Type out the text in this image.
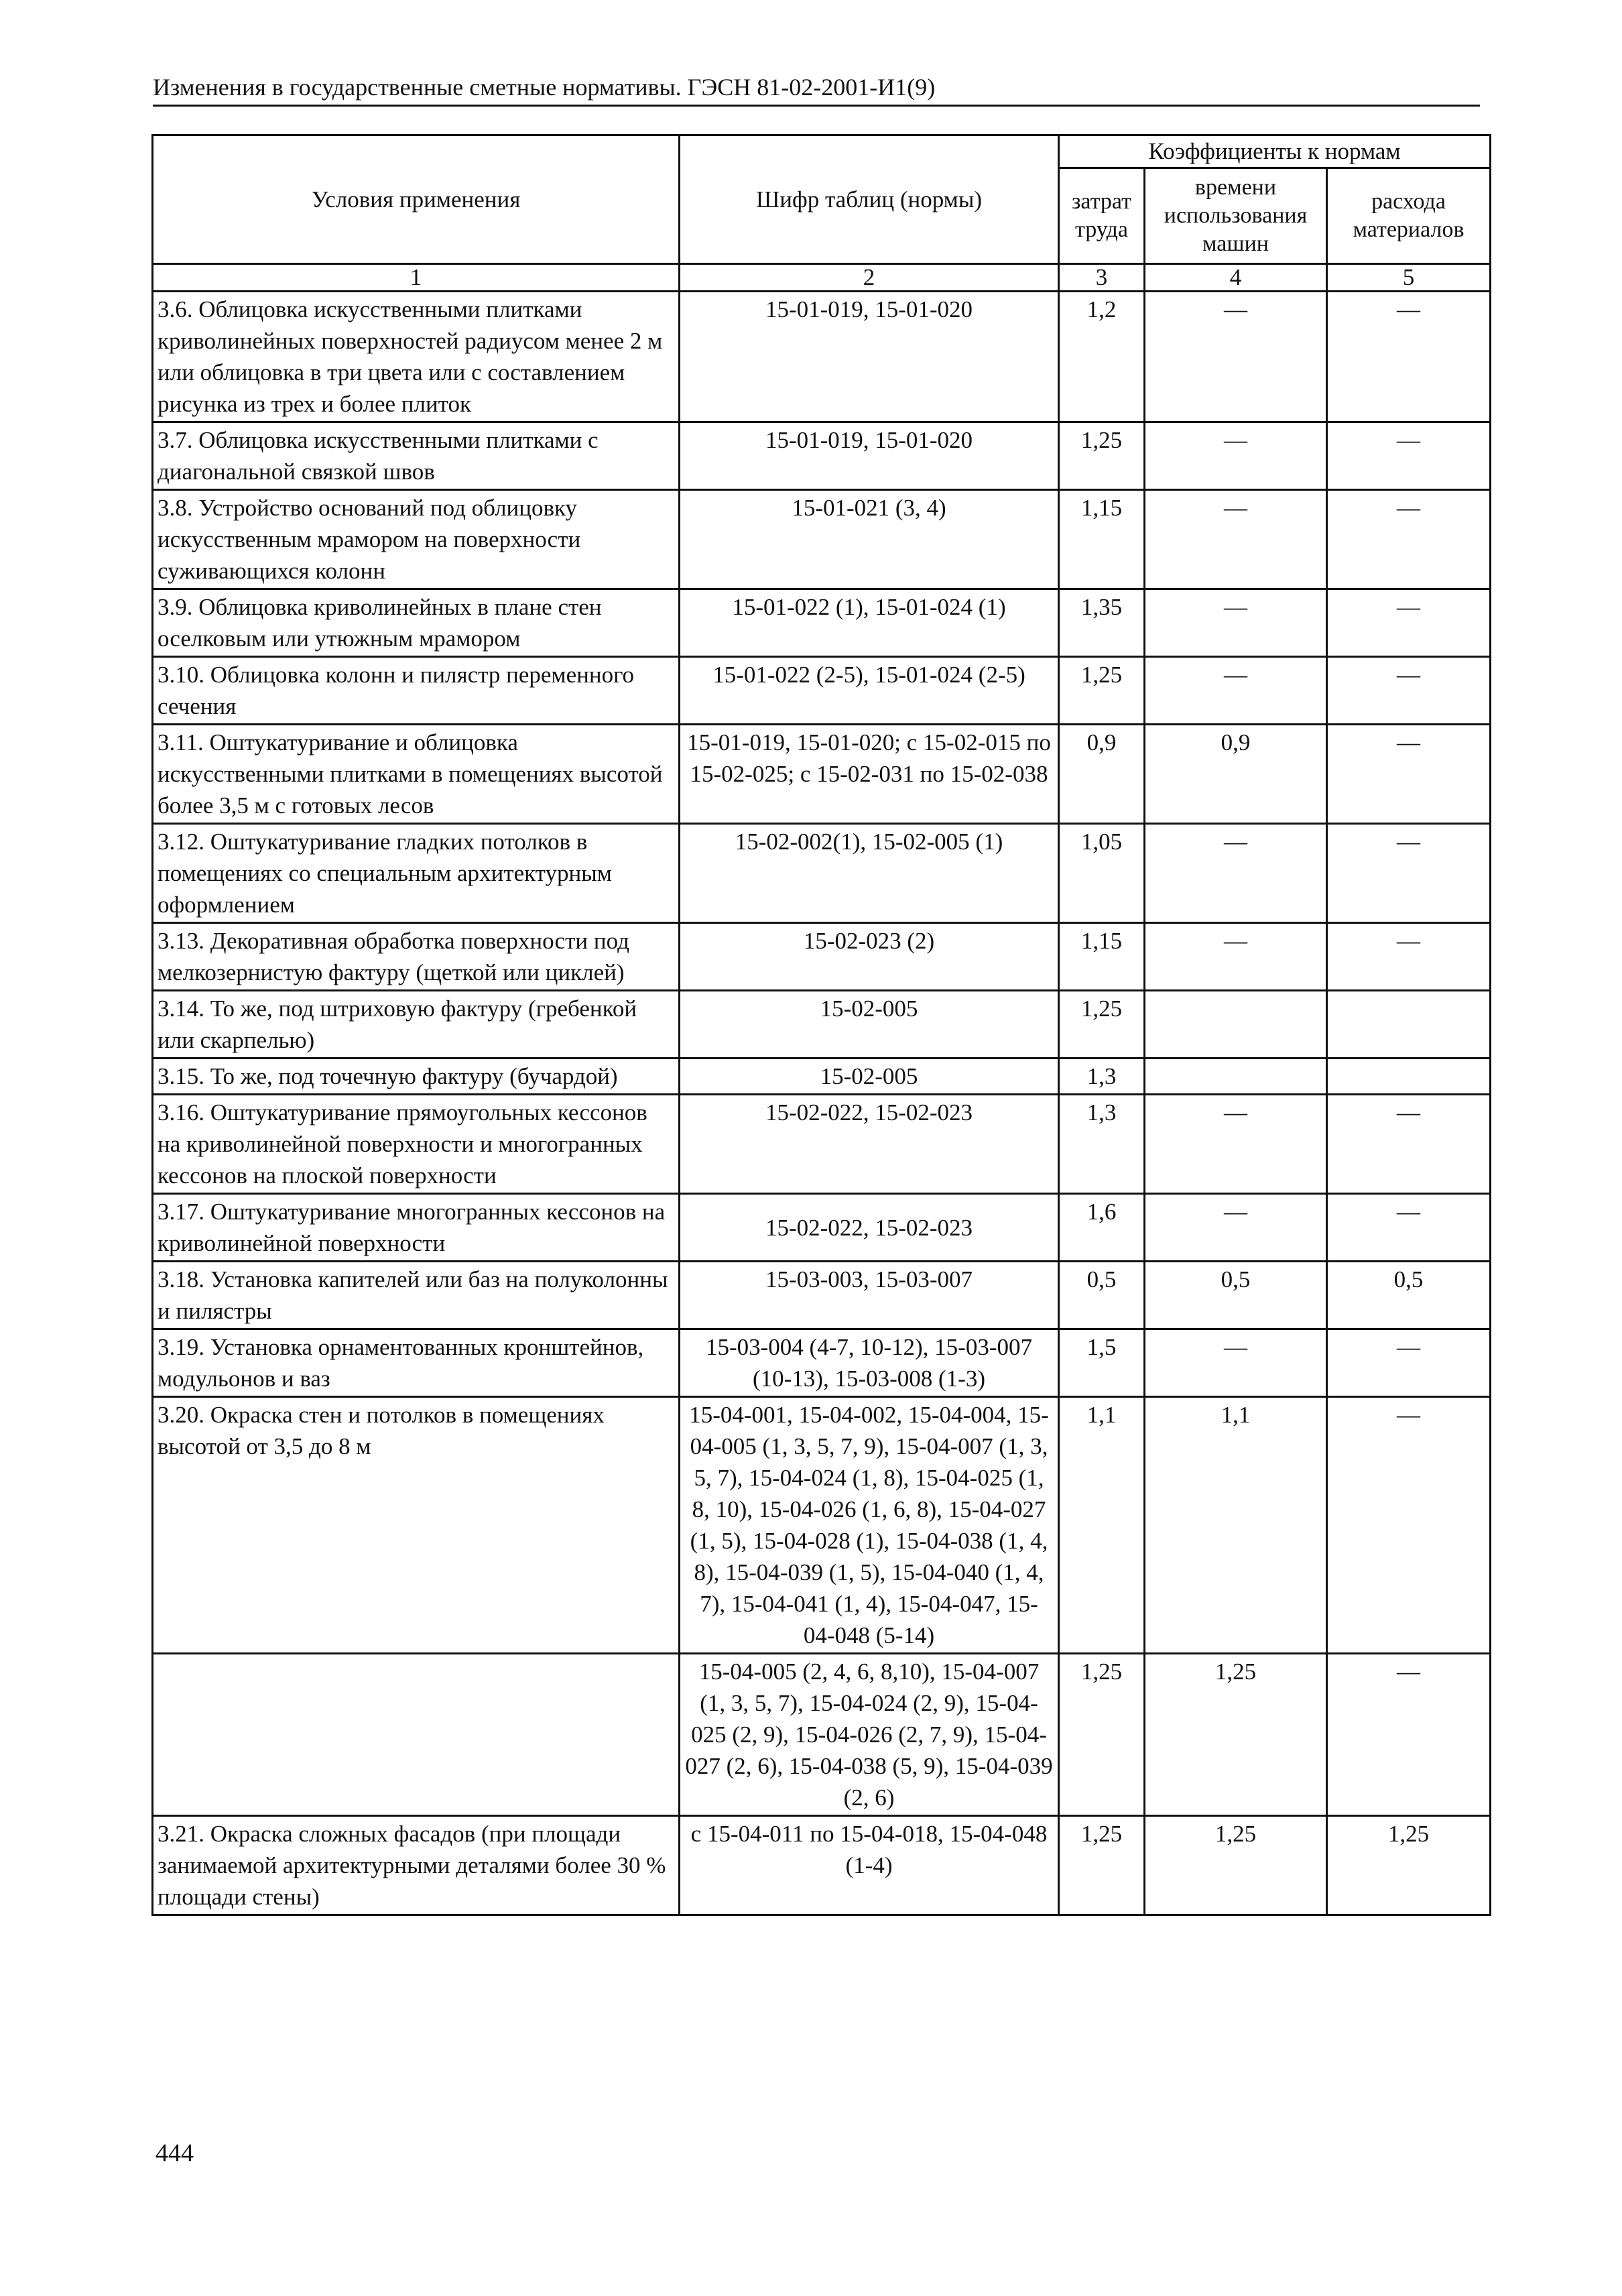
Изменения в государственные сметные нормативы. ГЭСН 81-02-2001-И1(9)
Условия применения	Шифр таблиц (нормы)	Коэффициенты к нормам		
		затрат труда	времени использования машин	расхода материалов
1	2	3	4	5
3.6. Облицовка искусственными плитками криволинейных поверхностей радиусом менее 2 м или облицовка в три цвета или с составлением рисунка из трех и более плиток	15-01-019, 15-01-020	1,2	—	—
3.7. Облицовка искусственными плитками с диагональной связкой швов	15-01-019, 15-01-020	1,25	—	—
3.8. Устройство оснований под облицовку искусственным мрамором на поверхности суживающихся колонн	15-01-021 (3, 4)	1,15	—	—
3.9. Облицовка криволинейных в плане стен оселковым или утюжным мрамором	15-01-022 (1), 15-01-024 (1)	1,35	—	—
3.10. Облицовка колонн и пилястр переменного сечения	15-01-022 (2-5), 15-01-024 (2-5)	1,25	—	—
3.11. Оштукатуривание и облицовка искусственными плитками в помещениях высотой более 3,5 м с готовых лесов	15-01-019, 15-01-020; с 15-02-015 по 15-02-025; с 15-02-031 по 15-02-038	0,9	0,9	—
3.12. Оштукатуривание гладких потолков в помещениях со специальным архитектурным оформлением	15-02-002(1), 15-02-005 (1)	1,05	—	—
3.13. Декоративная обработка поверхности под мелкозернистую фактуру (щеткой или циклей)	15-02-023 (2)	1,15	—	—
3.14. То же, под штриховую фактуру (гребенкой или скарпелью)	15-02-005	1,25		
3.15. То же, под точечную фактуру (бучардой)	15-02-005	1,3		
3.16. Оштукатуривание прямоугольных кессонов на криволинейной поверхности и многогранных кессонов на плоской поверхности	15-02-022, 15-02-023	1,3	—	—
3.17. Оштукатуривание многогранных кессонов на криволинейной поверхности	15-02-022, 15-02-023	1,6	—	—
3.18. Установка капителей или баз на полуколонны и пилястры	15-03-003, 15-03-007	0,5	0,5	0,5
3.19. Установка орнаментованных кронштейнов, модульонов и ваз	15-03-004 (4-7, 10-12), 15-03-007 (10-13), 15-03-008 (1-3)	1,5	—	—
3.20. Окраска стен и потолков в помещениях высотой от 3,5 до 8 м	15-04-001, 15-04-002, 15-04-004, 15-04-005 (1, 3, 5, 7, 9), 15-04-007 (1, 3, 5, 7), 15-04-024 (1, 8), 15-04-025 (1, 8, 10), 15-04-026 (1, 6, 8), 15-04-027 (1, 5), 15-04-028 (1), 15-04-038 (1, 4, 8), 15-04-039 (1, 5), 15-04-040 (1, 4, 7), 15-04-041 (1, 4), 15-04-047, 15-04-048 (5-14)	1,1	1,1	—
	15-04-005 (2, 4, 6, 8,10), 15-04-007 (1, 3, 5, 7), 15-04-024 (2, 9), 15-04-025 (2, 9), 15-04-026 (2, 7, 9), 15-04-027 (2, 6), 15-04-038 (5, 9), 15-04-039 (2, 6)	1,25	1,25	—
3.21. Окраска сложных фасадов (при площади занимаемой архитектурными деталями более 30 % площади стены)	с 15-04-011 по 15-04-018, 15-04-048 (1-4)	1,25	1,25	1,25
444
